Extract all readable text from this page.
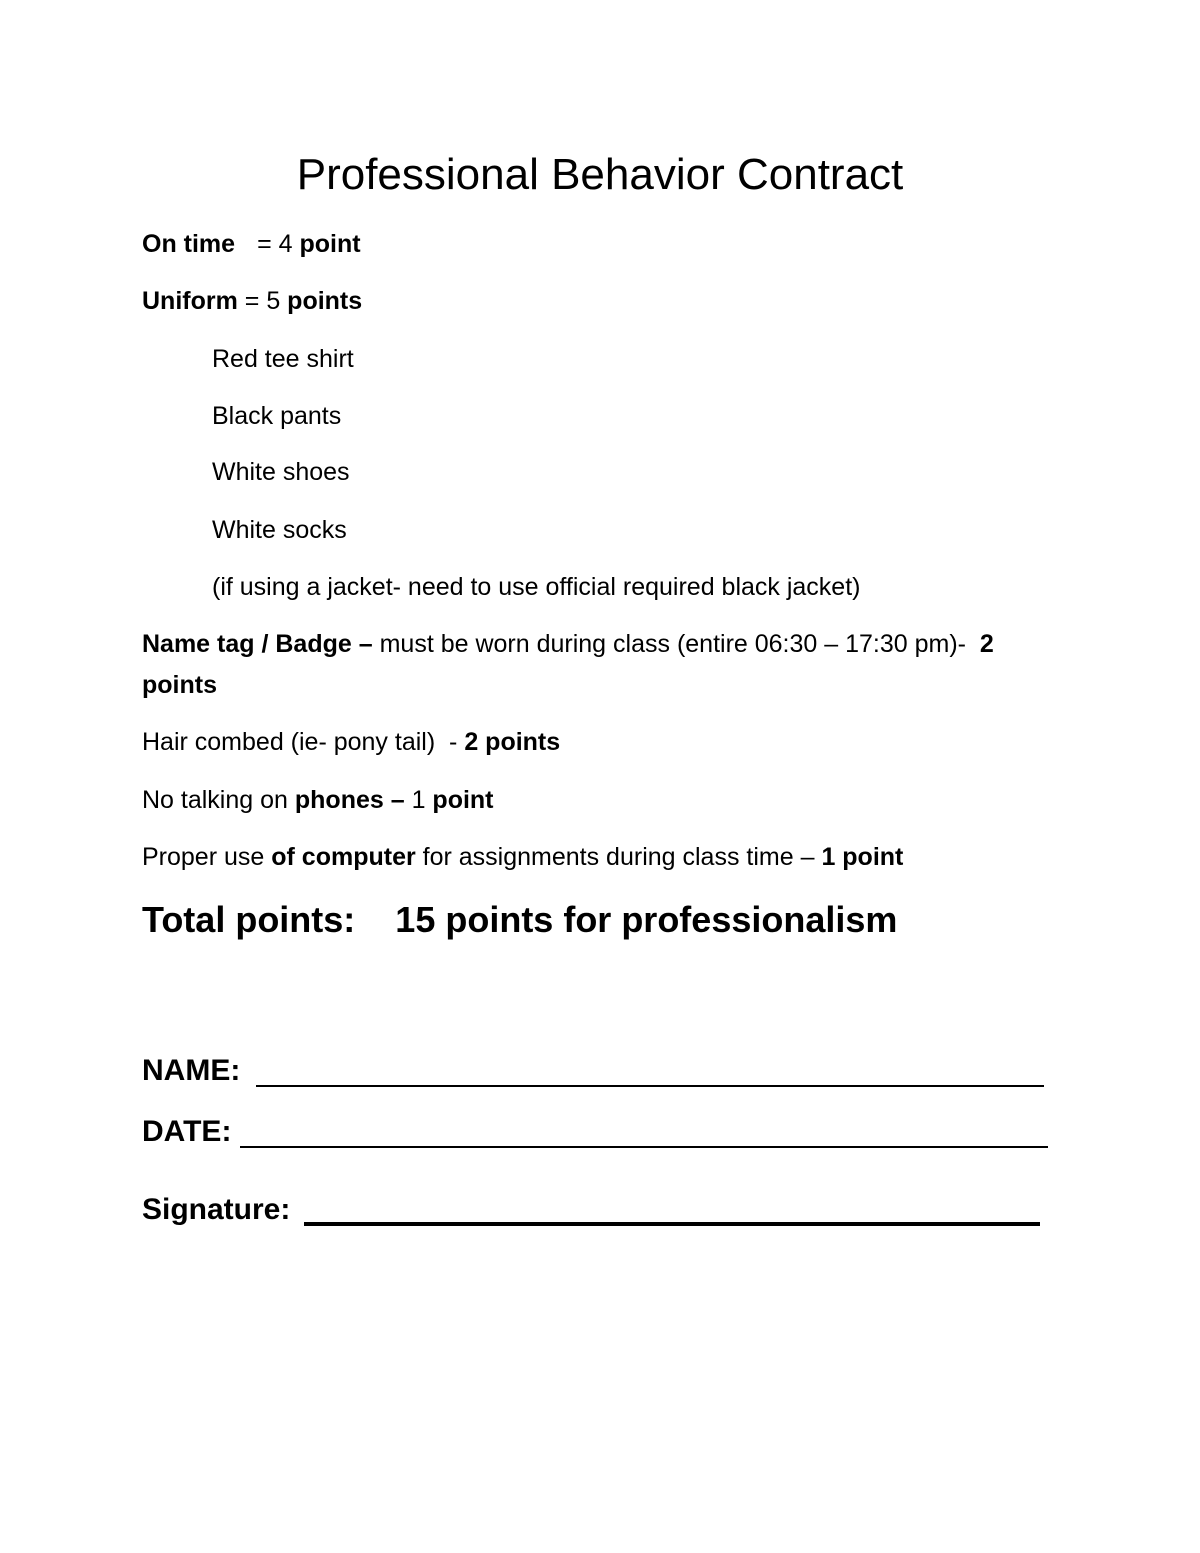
Professional Behavior Contract

On time = 4 point

Uniform = 5 points

Red tee shirt

Black pants

White shoes

White socks

(if using a jacket- need to use official required black jacket)

Name tag / Badge – must be worn during class (entire 06:30 – 17:30 pm)-  2 points

Hair combed (ie- pony tail)  - 2 points

No talking on phones – 1 point

Proper use of computer for assignments during class time – 1 point

Total points: 15 points for professionalism

NAME:
DATE:
Signature:
